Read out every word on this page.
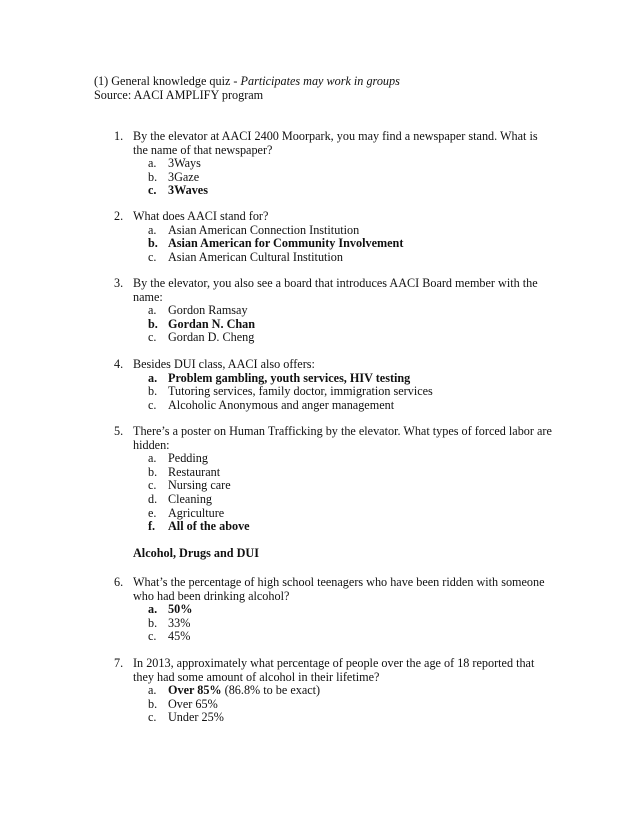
(1) General knowledge quiz - Participates may work in groups
Source: AACI AMPLIFY program
1. By the elevator at AACI 2400 Moorpark, you may find a newspaper stand. What is the name of that newspaper?
a. 3Ways
b. 3Gaze
c. 3Waves
2. What does AACI stand for?
a. Asian American Connection Institution
b. Asian American for Community Involvement
c. Asian American Cultural Institution
3. By the elevator, you also see a board that introduces AACI Board member with the name:
a. Gordon Ramsay
b. Gordan N. Chan
c. Gordan D. Cheng
4. Besides DUI class, AACI also offers:
a. Problem gambling, youth services, HIV testing
b. Tutoring services, family doctor, immigration services
c. Alcoholic Anonymous and anger management
5. There’s a poster on Human Trafficking by the elevator. What types of forced labor are hidden:
a. Pedding
b. Restaurant
c. Nursing care
d. Cleaning
e. Agriculture
f.	All of the above
Alcohol, Drugs and DUI
6. What’s the percentage of high school teenagers who have been ridden with someone who had been drinking alcohol?
a. 50%
b. 33%
c. 45%
7. In 2013, approximately what percentage of people over the age of 18 reported that they had some amount of alcohol in their lifetime?
a. Over 85% (86.8% to be exact)
b. Over 65%
c. Under 25%
